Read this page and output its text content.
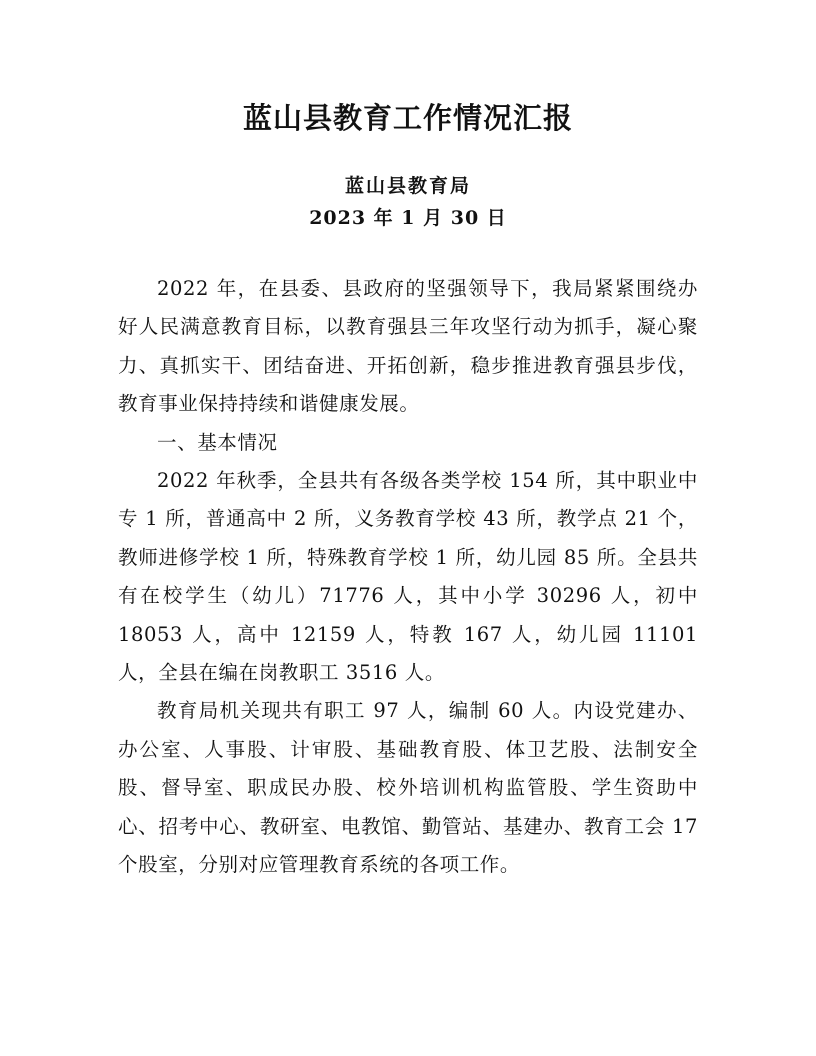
蓝山县教育工作情况汇报
蓝山县教育局
2023 年 1 月 30 日

2022 年，在县委、县政府的坚强领导下，我局紧紧围绕办好人民满意教育目标，以教育强县三年攻坚行动为抓手，凝心聚力、真抓实干、团结奋进、开拓创新，稳步推进教育强县步伐，教育事业保持持续和谐健康发展。

一、基本情况

2022 年秋季，全县共有各级各类学校 154 所，其中职业中专 1 所，普通高中 2 所，义务教育学校 43 所，教学点 21 个，教师进修学校 1 所，特殊教育学校 1 所，幼儿园 85 所。全县共有在校学生（幼儿）71776 人，其中小学 30296 人，初中 18053 人，高中 12159 人，特教 167 人，幼儿园 11101 人，全县在编在岗教职工 3516 人。

教育局机关现共有职工 97 人，编制 60 人。内设党建办、办公室、人事股、计审股、基础教育股、体卫艺股、法制安全股、督导室、职成民办股、校外培训机构监管股、学生资助中心、招考中心、教研室、电教馆、勤管站、基建办、教育工会 17 个股室，分别对应管理教育系统的各项工作。
